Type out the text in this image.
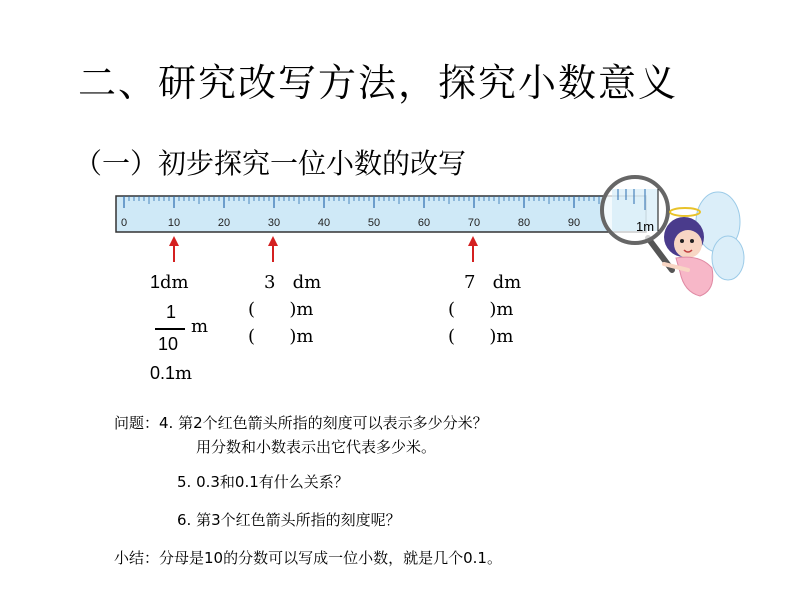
二、研究改写方法，探究小数意义
（一）初步探究一位小数的改写
0	10	20	30	40	50	60	70	80	90	1m
1dm
1
m
10
0.1m
3   dm
(      )m
(      )m
7   dm
(      )m
(      )m
问题：4. 第2个红色箭头所指的刻度可以表示多少分米？
用分数和小数表示出它代表多少米。
5. 0.3和0.1有什么关系？
6. 第3个红色箭头所指的刻度呢？
小结：分母是10的分数可以写成一位小数，就是几个0.1。
